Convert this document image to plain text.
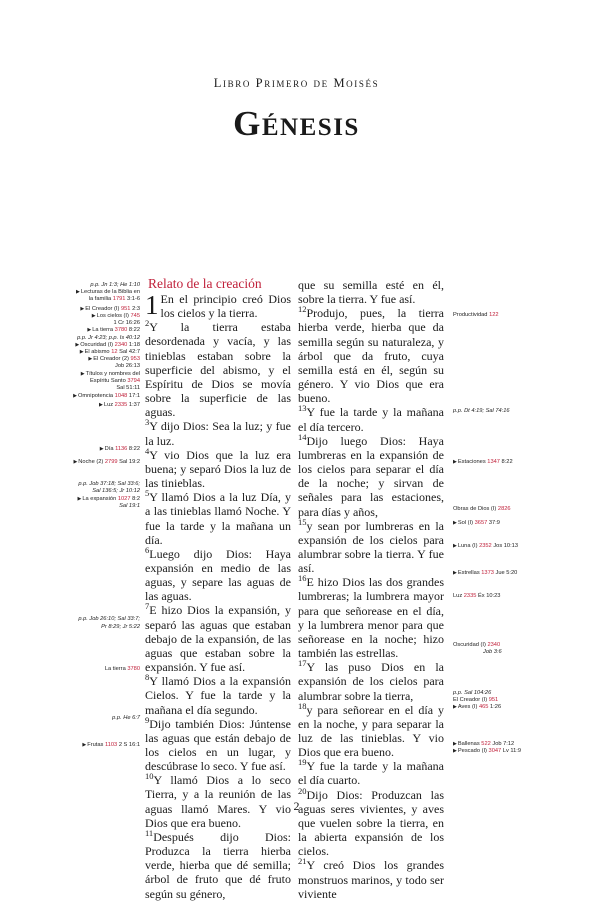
Libro Primero de Moisés
Génesis
Relato de la creación

1 En el principio creó Dios los cielos y la tierra.

$^2$Y la tierra estaba desordenada y vacía, y las tinieblas estaban sobre la superficie del abismo, y el Espíritu de Dios se movía sobre la superficie de las aguas.

$^3$Y dijo Dios: Sea la luz; y fue la luz.

$^4$Y vio Dios que la luz era buena; y separó Dios la luz de las tinieblas.

$^5$Y llamó Dios a la luz Día, y a las tinieblas llamó Noche. Y fue la tarde y la mañana un día.

$^6$Luego dijo Dios: Haya expansión en medio de las aguas, y separe las aguas de las aguas.

$^7$E hizo Dios la expansión, y separó las aguas que estaban debajo de la expansión, de las aguas que estaban sobre la expansión. Y fue así.

$^8$Y llamó Dios a la expansión Cielos. Y fue la tarde y la mañana el día segundo.

$^9$Dijo también Dios: Júntense las aguas que están debajo de los cielos en un lugar, y descúbrase lo seco. Y fue así.

$^{10}$Y llamó Dios a lo seco Tierra, y a la reunión de las aguas llamó Mares. Y vio Dios que era bueno.

$^{11}$Después dijo Dios: Produzca la tierra hierba verde, hierba que dé semilla; árbol de fruto que dé fruto según su género,

que su semilla esté en él, sobre la tierra. Y fue así.

$^{12}$Produjo, pues, la tierra hierba verde, hierba que da semilla según su naturaleza, y árbol que da fruto, cuya semilla está en él, según su género. Y vio Dios que era bueno.

$^{13}$Y fue la tarde y la mañana el día tercero.

$^{14}$Dijo luego Dios: Haya lumbreras en la expansión de los cielos para separar el día de la noche; y sirvan de señales para las estaciones, para días y años,

$^{15}$y sean por lumbreras en la expansión de los cielos para alumbrar sobre la tierra. Y fue así.

$^{16}$E hizo Dios las dos grandes lumbreras; la lumbrera mayor para que señorease en el día, y la lumbrera menor para que señorease en la noche; hizo también las estrellas.

$^{17}$Y las puso Dios en la expansión de los cielos para alumbrar sobre la tierra,

$^{18}$y para señorear en el día y en la noche, y para separar la luz de las tinieblas. Y vio Dios que era bueno.

$^{19}$Y fue la tarde y la mañana el día cuarto.

$^{20}$Dijo Dios: Produzcan las aguas seres vivientes, y aves que vuelen sobre la tierra, en la abierta expansión de los cielos.

$^{21}$Y creó Dios los grandes monstruos marinos, y todo ser viviente

p.p. Jn 1:3; He 1:10
▶Lecturas de la Biblia en
la familia 1791 3:1-6
▶El Creador (I) 951 2:3
▶Los cielos (I) 745
1 Cr 16:26
▶La tierra 3780 8:22
p.p. Jr 4:23; p.p. Is 40:12
▶Oscuridad (I) 2340 1:18
▶El abismo 12 Sal 42:7
▶El Creador (2) 953
Job 26:13
▶Títulos y nombres del
Espíritu Santo 3794
Sal 51:11
▶Omnipotencia 1048 17:1
▶Luz 2335 1:37
▶Día 1136 8:22
▶Noche (2) 2799 Sal 19:2
p.p. Job 37:18; Sal 33:6;
Sal 136:5; Jr 10:12
▶La expansión 1027 8:2
Sal 19:1
p.p. Job 26:10; Sal 33:7;
Pr 8:29; Jr 5:22
La tierra 3780
p.p. He 6:7
▶Frutas 1103 2 S 16:1
Productividad 122
p.p. Dt 4:19; Sal 74:16
▶Estaciones 1347 8:22
Obras de Dios (I) 2826
▶Sol (I) 3657 37:9
▶Luna (I) 2352 Jos 10:13
▶Estrellas 1373 Jue 5:20
Luz 2335 Éx 10:23
Oscuridad (I) 2340
Job 3:6
p.p. Sal 104:26
El Creador (I) 951
▶Aves (I) 465 1:26
▶Ballenas 522 Job 7:12
▶Pescado (I) 3047 Lv 11:9
2
